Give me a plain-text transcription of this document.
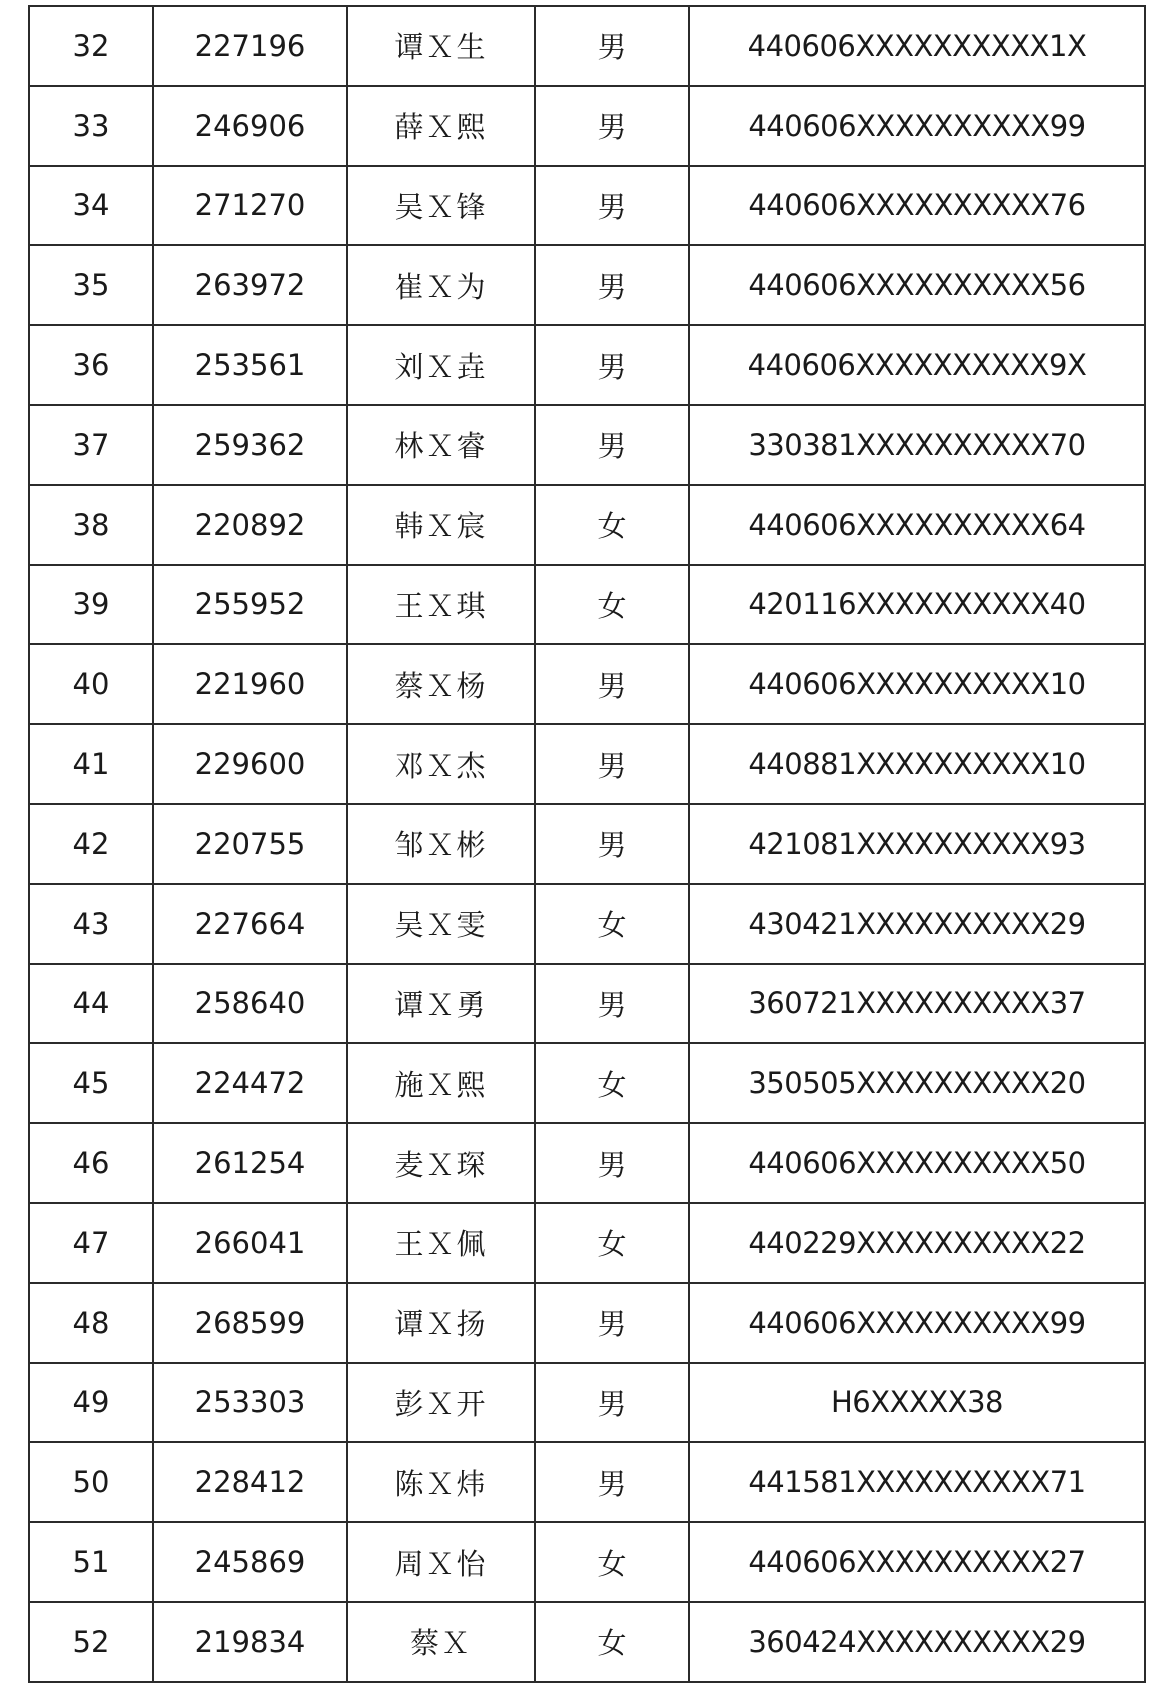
32	227196	谭Ｘ生	男	440606XXXXXXXXXX1X
33	246906	薛Ｘ熙	男	440606XXXXXXXXXX99
34	271270	吴Ｘ锋	男	440606XXXXXXXXXX76
35	263972	崔Ｘ为	男	440606XXXXXXXXXX56
36	253561	刘Ｘ垚	男	440606XXXXXXXXXX9X
37	259362	林Ｘ睿	男	330381XXXXXXXXXX70
38	220892	韩Ｘ宸	女	440606XXXXXXXXXX64
39	255952	王Ｘ琪	女	420116XXXXXXXXXX40
40	221960	蔡Ｘ杨	男	440606XXXXXXXXXX10
41	229600	邓Ｘ杰	男	440881XXXXXXXXXX10
42	220755	邹Ｘ彬	男	421081XXXXXXXXXX93
43	227664	吴Ｘ雯	女	430421XXXXXXXXXX29
44	258640	谭Ｘ勇	男	360721XXXXXXXXXX37
45	224472	施Ｘ熙	女	350505XXXXXXXXXX20
46	261254	麦Ｘ琛	男	440606XXXXXXXXXX50
47	266041	王Ｘ佩	女	440229XXXXXXXXXX22
48	268599	谭Ｘ扬	男	440606XXXXXXXXXX99
49	253303	彭Ｘ开	男	H6XXXXX38
50	228412	陈Ｘ炜	男	441581XXXXXXXXXX71
51	245869	周Ｘ怡	女	440606XXXXXXXXXX27
52	219834	蔡Ｘ	女	360424XXXXXXXXXX29
